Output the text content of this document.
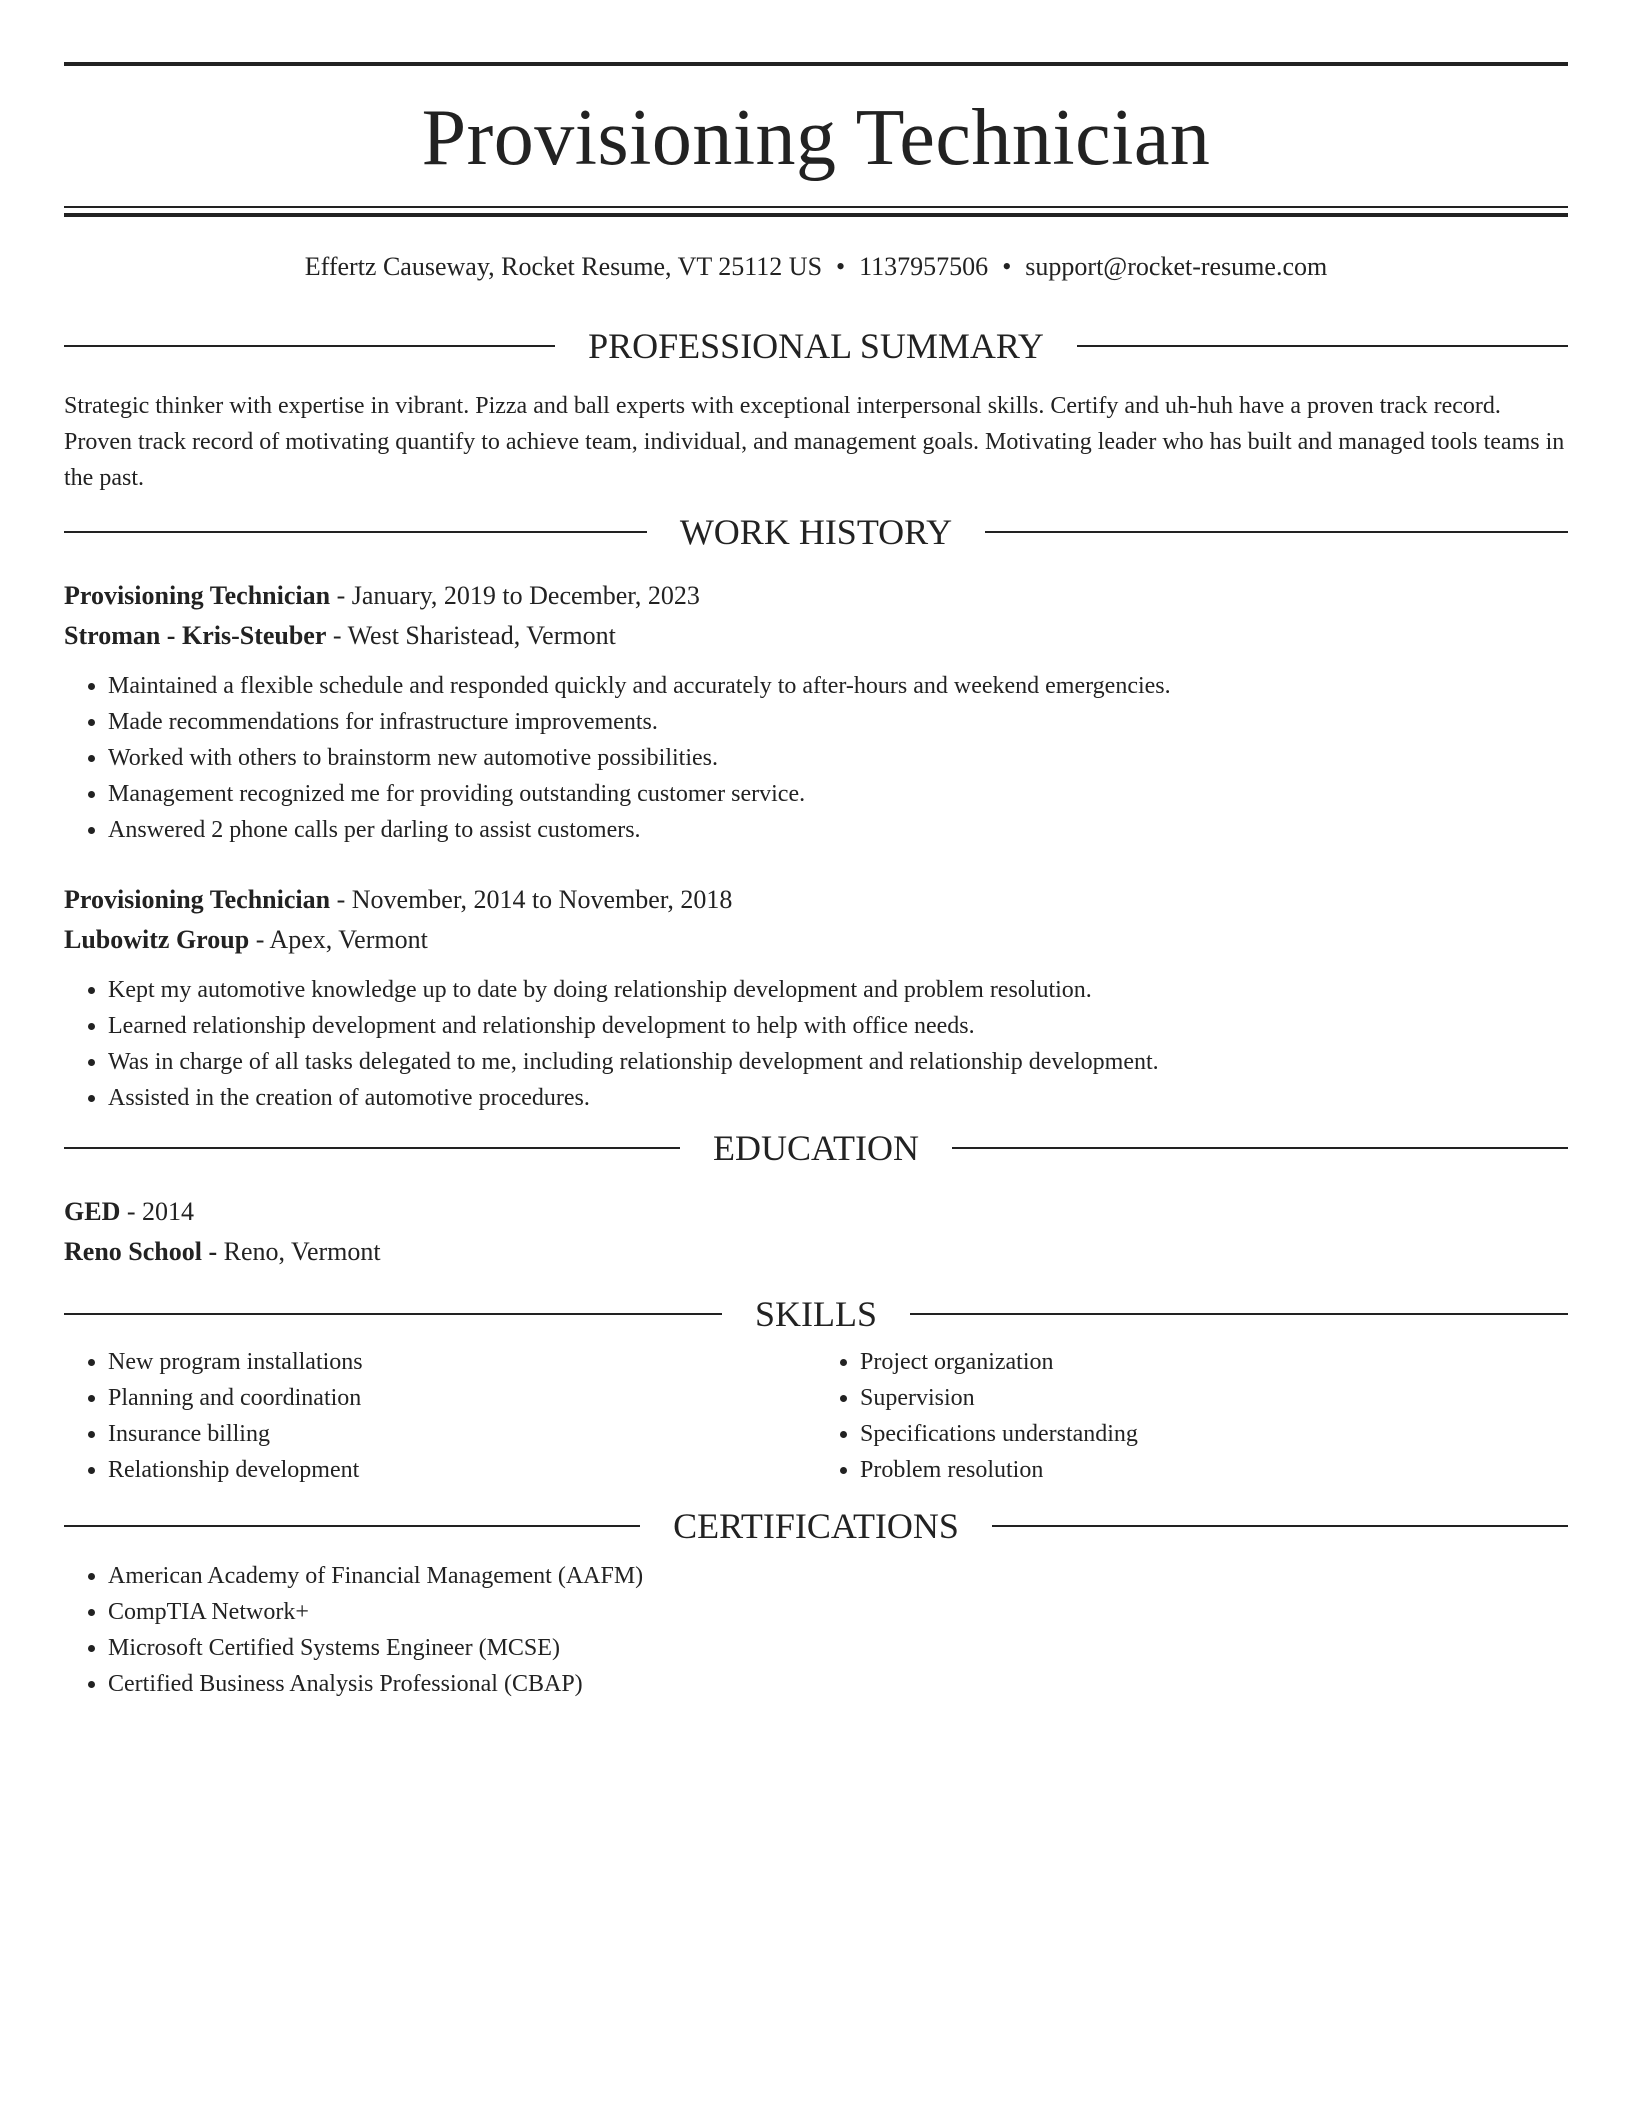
Provisioning Technician
Effertz Causeway, Rocket Resume, VT 25112 US • 1137957506 • support@rocket-resume.com
PROFESSIONAL SUMMARY

Strategic thinker with expertise in vibrant. Pizza and ball experts with exceptional interpersonal skills. Certify and uh-huh have a proven track record. Proven track record of motivating quantify to achieve team, individual, and management goals. Motivating leader who has built and managed tools teams in the past.

WORK HISTORY

Provisioning Technician - January, 2019 to December, 2023

Stroman - Kris-Steuber - West Sharistead, Vermont

• Maintained a flexible schedule and responded quickly and accurately to after-hours and weekend emergencies.
• Made recommendations for infrastructure improvements.
• Worked with others to brainstorm new automotive possibilities.
• Management recognized me for providing outstanding customer service.
• Answered 2 phone calls per darling to assist customers.

Provisioning Technician - November, 2014 to November, 2018

Lubowitz Group - Apex, Vermont

• Kept my automotive knowledge up to date by doing relationship development and problem resolution.
• Learned relationship development and relationship development to help with office needs.
• Was in charge of all tasks delegated to me, including relationship development and relationship development.
• Assisted in the creation of automotive procedures.
EDUCATION

GED - 2014

Reno School - Reno, Vermont

SKILLS
• New program installations
• Planning and coordination
• Insurance billing
• Relationship development
• Project organization
• Supervision
• Specifications understanding
• Problem resolution
CERTIFICATIONS
• American Academy of Financial Management (AAFM)
• CompTIA Network+
• Microsoft Certified Systems Engineer (MCSE)
• Certified Business Analysis Professional (CBAP)
